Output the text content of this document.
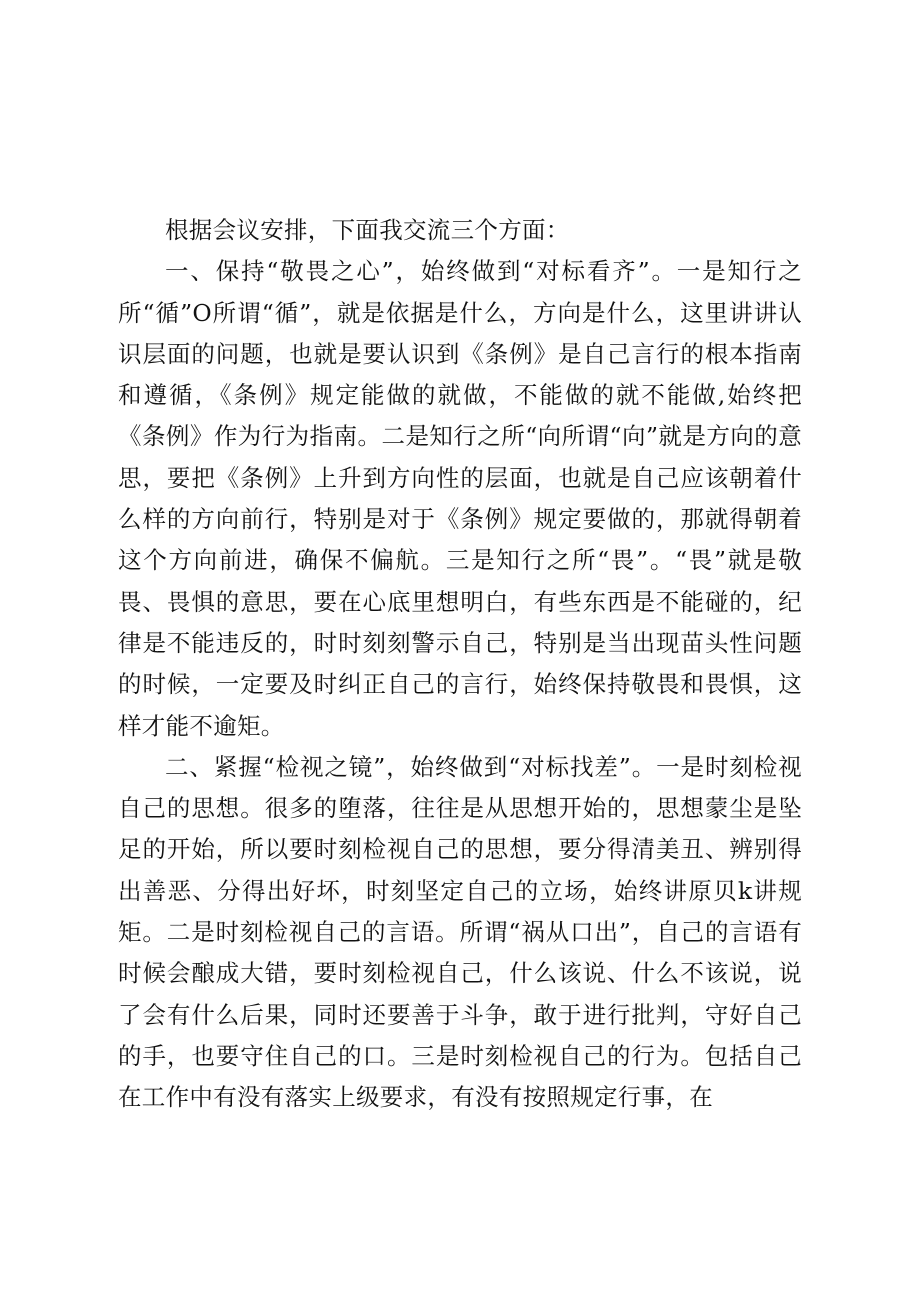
根据会议安排，下面我交流三个方面：

一、保持“敬畏之心”，始终做到“对标看齐”。一是知行之所“循”O所谓“循”，就是依据是什么，方向是什么，这里讲讲认识层面的问题，也就是要认识到《条例》是自己言行的根本指南和遵循，《条例》规定能做的就做，不能做的就不能做,始终把《条例》作为行为指南。二是知行之所“向所谓“向”就是方向的意思，要把《条例》上升到方向性的层面，也就是自己应该朝着什么样的方向前行，特别是对于《条例》规定要做的，那就得朝着这个方向前进，确保不偏航。三是知行之所“畏”。“畏”就是敬畏、畏惧的意思，要在心底里想明白，有些东西是不能碰的，纪律是不能违反的，时时刻刻警示自己，特别是当出现苗头性问题的时候，一定要及时纠正自己的言行，始终保持敬畏和畏惧，这样才能不逾矩。

二、紧握“检视之镜”，始终做到“对标找差”。一是时刻检视自己的思想。很多的堕落，往往是从思想开始的，思想蒙尘是坠足的开始，所以要时刻检视自己的思想，要分得清美丑、辨别得出善恶、分得出好坏，时刻坚定自己的立场，始终讲原贝k讲规矩。二是时刻检视自己的言语。所谓“祸从口出”，自己的言语有时候会酿成大错，要时刻检视自己，什么该说、什么不该说，说了会有什么后果，同时还要善于斗争，敢于进行批判，守好自己的手，也要守住自己的口。三是时刻检视自己的行为。包括自己在工作中有没有落实上级要求，有没有按照规定行事，在
